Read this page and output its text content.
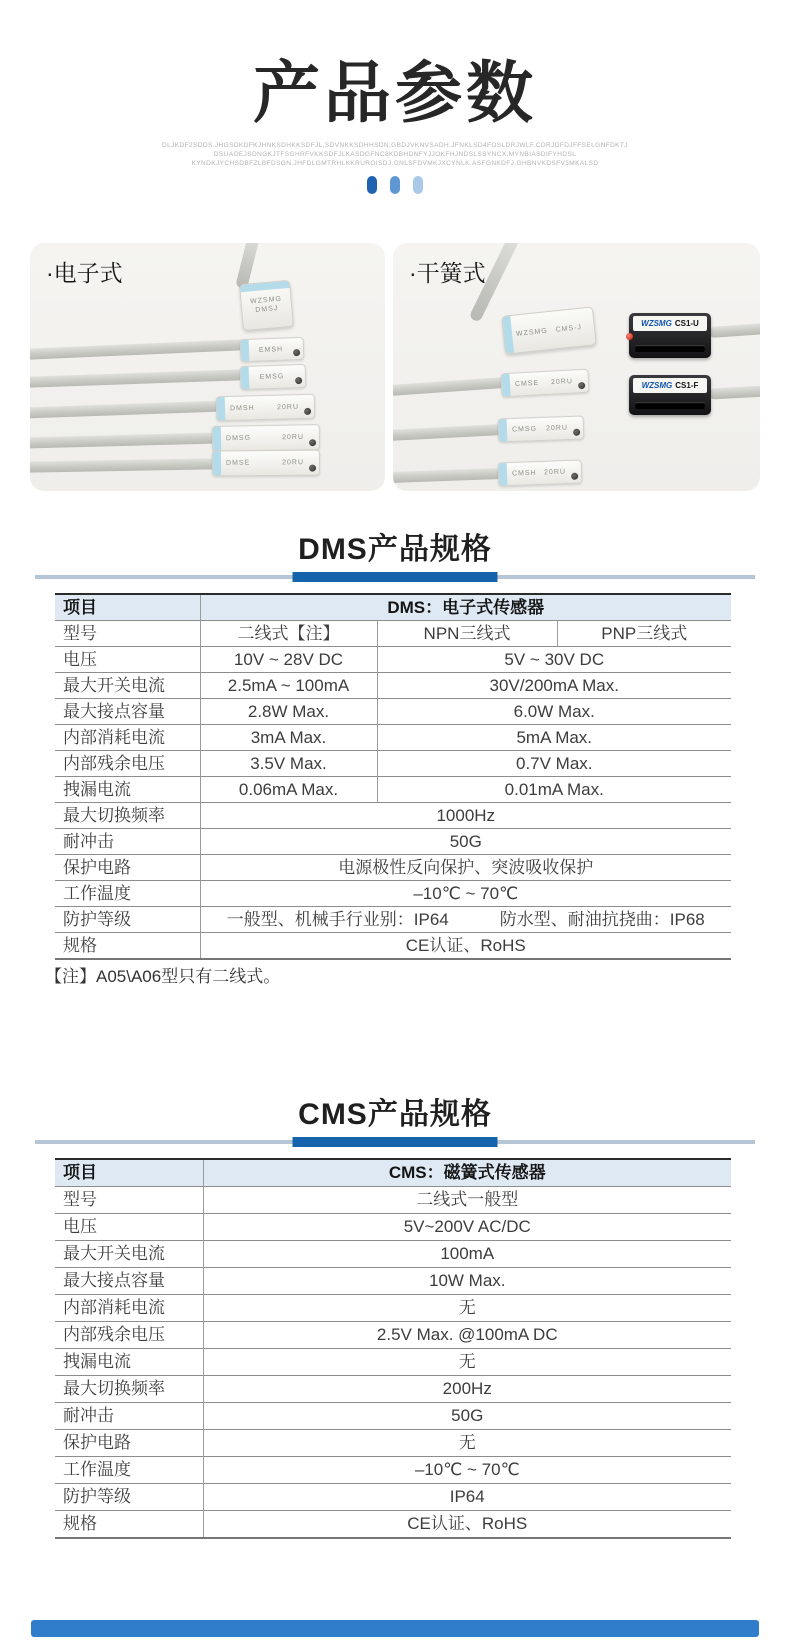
产品参数
DLJKDF2SDDS.JHGSDKDFKJHNKSDHKKSDFJL,SDVNKKSDHHSDN,GBDJVKNVSADH.JFNKLSD4FOSLDRJWLF.CDRJDFDJFFSELGNFDKTJ
DSUAOEJSDNGKJTFSGHRFVKKSDFJLKASDGFNC8KDBHDNFYJJOKFHJNDSLSSYNCX,MYNBIASDIFYHDSL
KYNDKJYCHSDBFZLBFDSGN.JHFDLGMTRHLKKRUROISDJ.GNLSFDVMKJXCYNLK,ASFGNKDFJ.GHBNVKDSFV3MKALSD
·电子式
WZSMG
DMSJ
EMSH
EMSG
DMSH	20RU
DMSG	20RU
DMSE	20RU
·干簧式
WZSMG CMS-J
WZSMG CS1-U
WZSMG CS1-F
CMSE 20RU
CMSG 20RU
CMSH 20RU
DMS产品规格
项目	DMS：电子式传感器		
型号	二线式【注】	NPN三线式	PNP三线式
电压	10V ~ 28V DC	5V ~ 30V DC	
最大开关电流	2.5mA ~ 100mA	30V/200mA Max.	
最大接点容量	2.8W Max.	6.0W Max.	
内部消耗电流	3mA Max.	5mA Max.	
内部残余电压	3.5V Max.	0.7V Max.	
拽漏电流	0.06mA Max.	0.01mA Max.	
最大切换频率	1000Hz		
耐冲击	50G		
保护电路	电源极性反向保护、突波吸收保护		
工作温度	–10℃ ~ 70℃		
防护等级	一般型、机械手行业别：IP64　　　防水型、耐油抗挠曲：IP68		
规格	CE认证、RoHS		
【注】A05\A06型只有二线式。
CMS产品规格
项目	CMS：磁簧式传感器
型号	二线式一般型
电压	5V~200V AC/DC
最大开关电流	100mA
最大接点容量	10W Max.
内部消耗电流	无
内部残余电压	2.5V Max. @100mA DC
拽漏电流	无
最大切换频率	200Hz
耐冲击	50G
保护电路	无
工作温度	–10℃ ~ 70℃
防护等级	IP64
规格	CE认证、RoHS
